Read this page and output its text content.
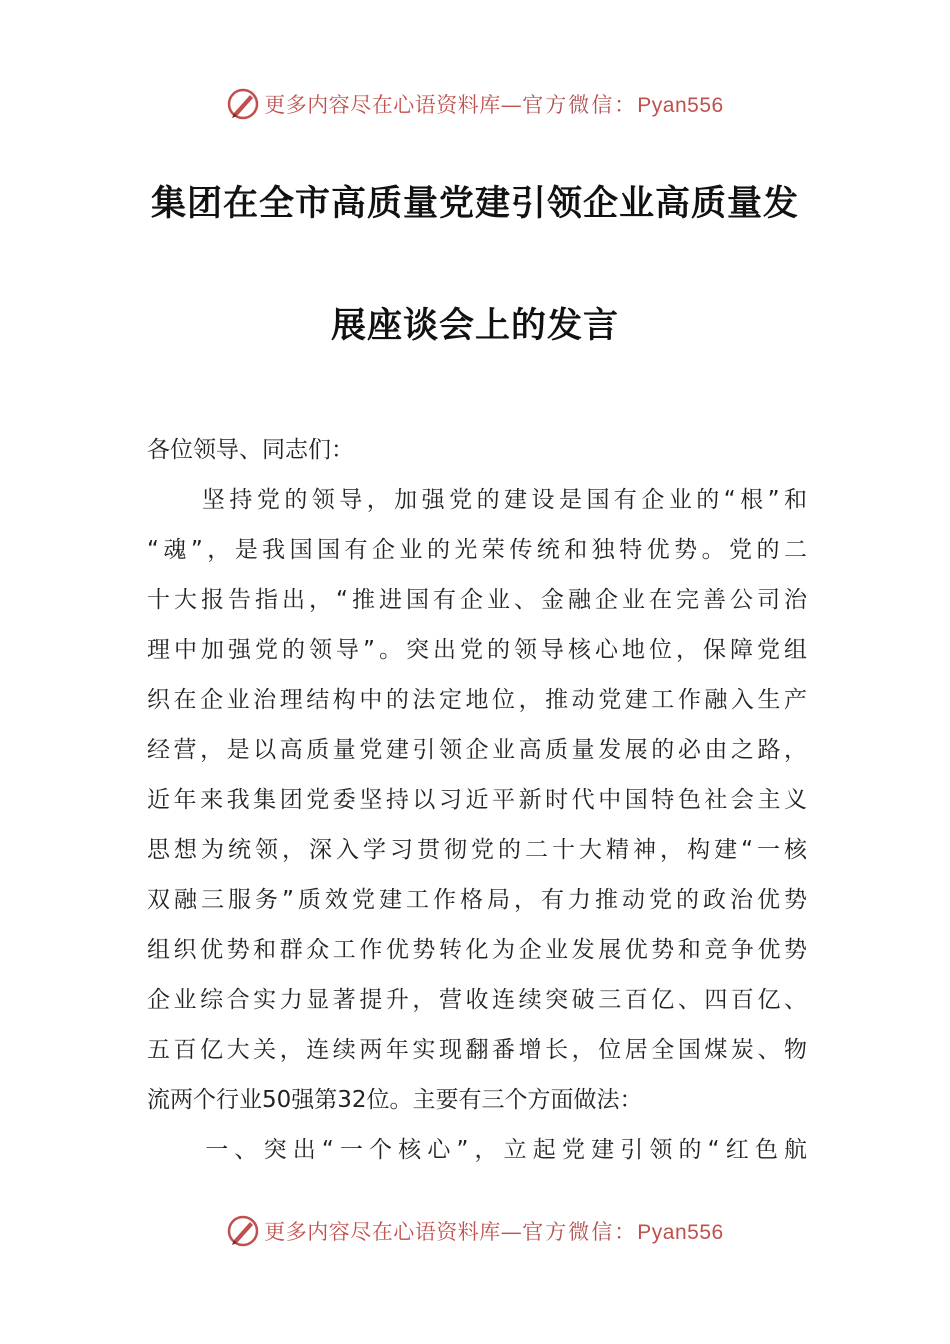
更多内容尽在心语资料库—官方微信：Pyan556
集团在全市高质量党建引领企业高质量发
展座谈会上的发言
各位领导、同志们：
　　坚持党的领导，加强党的建设是国有企业的“根”和
“魂”，是我国国有企业的光荣传统和独特优势。党的二
十大报告指出，“推进国有企业、金融企业在完善公司治
理中加强党的领导”。突出党的领导核心地位，保障党组
织在企业治理结构中的法定地位，推动党建工作融入生产
经营，是以高质量党建引领企业高质量发展的必由之路，
近年来我集团党委坚持以习近平新时代中国特色社会主义
思想为统领，深入学习贯彻党的二十大精神，构建“一核
双融三服务”质效党建工作格局，有力推动党的政治优势
组织优势和群众工作优势转化为企业发展优势和竞争优势
企业综合实力显著提升，营收连续突破三百亿、四百亿、
五百亿大关，连续两年实现翻番增长，位居全国煤炭、物
流两个行业50强第32位。主要有三个方面做法：
　　一、突出“一个核心”，立起党建引领的“红色航
更多内容尽在心语资料库—官方微信：Pyan556
